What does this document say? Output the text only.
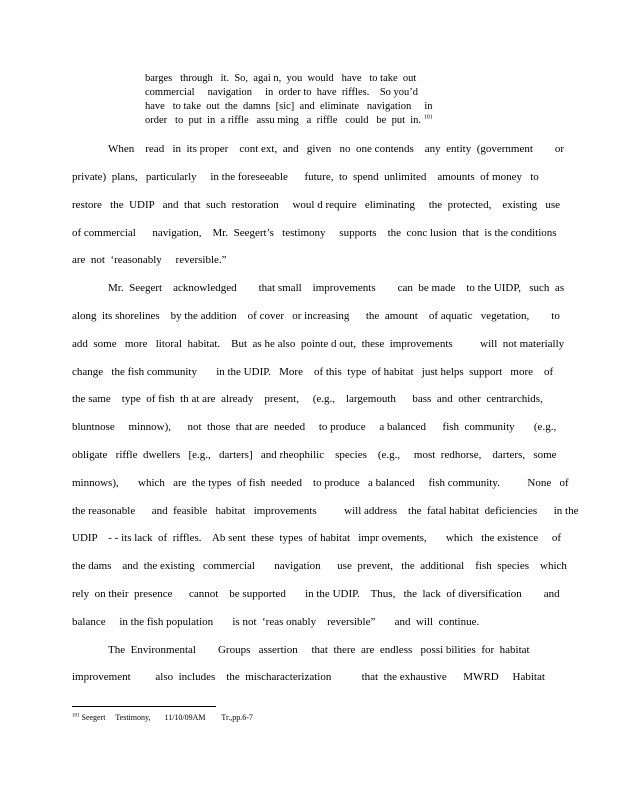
barges   through   it.  So,  agai n,  you  would   have   to take  out
commercial     navigation     in  order to  have  riffles.    So you’d
have   to take  out  the  damns  [sic]  and  eliminate   navigation     in
order   to  put  in  a riffle   assu ming   a  riffle   could   be  put  in. $^{101}$
When    read   in  its proper    cont ext,  and   given   no  one contends    any  entity  (government        or
private)  plans,   particularly     in the foreseeable      future,  to  spend  unlimited    amounts  of money   to
restore   the  UDIP   and  that  such  restoration     woul d require   eliminating     the  protected,    existing   use
of commercial      navigation,    Mr.  Seegert’s   testimony     supports    the  conc lusion  that  is the conditions
are  not  ‘reasonably     reversible.”
Mr.  Seegert    acknowledged        that small    improvements        can  be made    to the UIDP,   such  as
along  its shorelines    by the addition    of cover   or increasing      the  amount    of aquatic   vegetation,        to
add  some   more   litoral  habitat.    But  as he also  pointe d out,  these  improvements          will  not materially
change   the fish community       in the UDIP.   More    of this  type  of habitat   just helps  support   more    of
the same    type  of fish  th at are  already    present,     (e.g.,    largemouth      bass  and  other  centrarchids,
bluntnose     minnow),      not  those  that are  needed     to produce     a balanced      fish  community       (e.g.,
obligate   riffle  dwellers   [e.g.,   darters]   and rheophilic    species    (e.g.,     most  redhorse,    darters,   some
minnows),       which   are  the types  of fish  needed    to produce   a balanced     fish community.          None   of
the reasonable      and  feasible   habitat   improvements          will address    the  fatal habitat  deficiencies      in the
UDIP    - - its lack  of  riffles.    Ab sent  these  types  of habitat   impr ovements,       which   the existence     of
the dams    and  the existing   commercial       navigation      use  prevent,   the  additional    fish  species    which
rely  on their  presence      cannot    be supported       in the UDIP.    Thus,   the  lack  of diversification        and
balance     in the fish population       is not  ‘reas onably    reversible”       and  will  continue.
The  Environmental        Groups   assertion     that  there  are  endless   possi bilities  for  habitat
improvement         also  includes    the  mischaracterization           that  the exhaustive      MWRD     Habitat
$^{101}$ Seegert     Testimony,       11/10/09AM        Tr.,pp.6-7
